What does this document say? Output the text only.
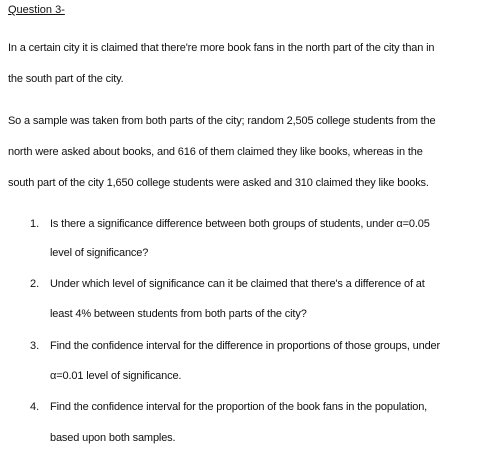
Question 3-
In a certain city it is claimed that there're more book fans in the north part of the city than in
the south part of the city.
So a sample was taken from both parts of the city; random 2,505 college students from the
north were asked about books, and 616 of them claimed they like books, whereas in the
south part of the city 1,650 college students were asked and 310 claimed they like books.
1. Is there a significance difference between both groups of students, under α=0.05
level of significance?
2. Under which level of significance can it be claimed that there's a difference of at
least 4% between students from both parts of the city?
3. Find the confidence interval for the difference in proportions of those groups, under
α=0.01 level of significance.
4. Find the confidence interval for the proportion of the book fans in the population,
based upon both samples.
